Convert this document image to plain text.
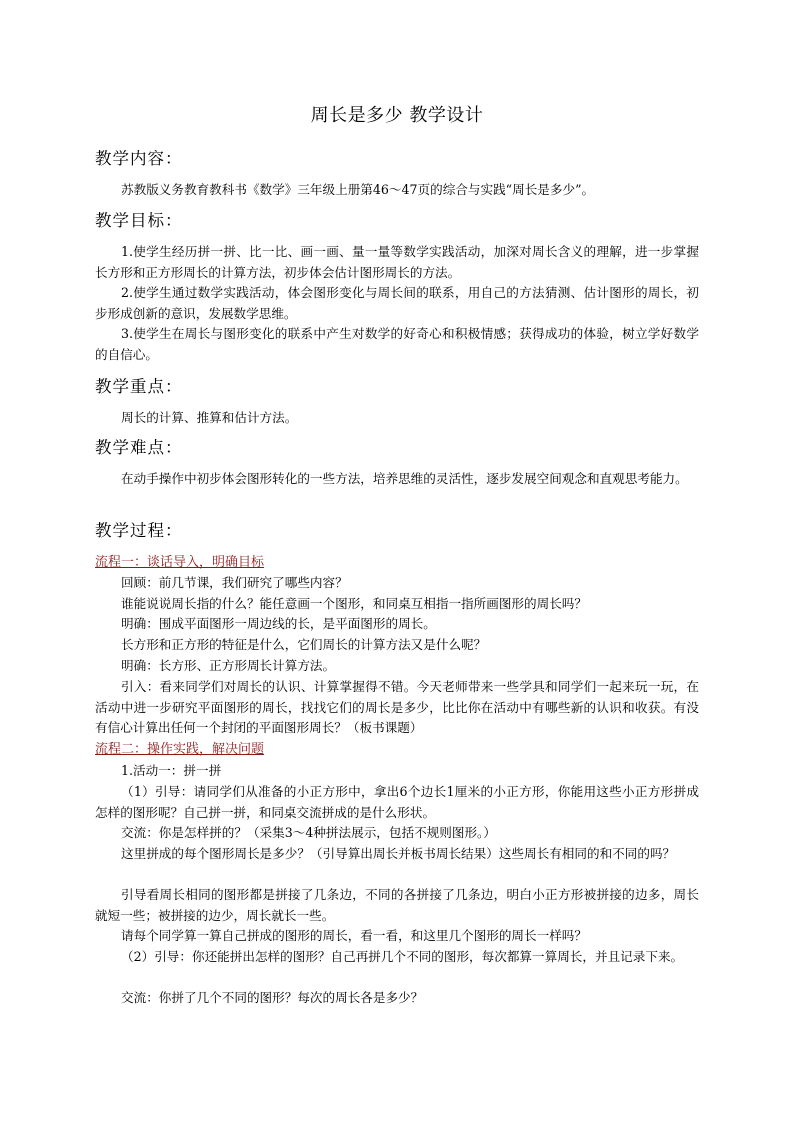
周长是多少 教学设计
教学内容：
苏教版义务教育教科书《数学》三年级上册第46～47页的综合与实践“周长是多少”。
教学目标：
1.使学生经历拼一拼、比一比、画一画、量一量等数学实践活动，加深对周长含义的理解，进一步掌握长方形和正方形周长的计算方法，初步体会估计图形周长的方法。
2.使学生通过数学实践活动，体会图形变化与周长间的联系，用自己的方法猜测、估计图形的周长，初步形成创新的意识，发展数学思维。
3.使学生在周长与图形变化的联系中产生对数学的好奇心和积极情感；获得成功的体验，树立学好数学的自信心。
教学重点：
周长的计算、推算和估计方法。
教学难点：
在动手操作中初步体会图形转化的一些方法，培养思维的灵活性，逐步发展空间观念和直观思考能力。
教学过程：
流程一：谈话导入，明确目标
回顾：前几节课，我们研究了哪些内容？
谁能说说周长指的什么？能任意画一个图形，和同桌互相指一指所画图形的周长吗？
明确：围成平面图形一周边线的长，是平面图形的周长。
长方形和正方形的特征是什么，它们周长的计算方法又是什么呢？
明确：长方形、正方形周长计算方法。
引入：看来同学们对周长的认识、计算掌握得不错。今天老师带来一些学具和同学们一起来玩一玩，在活动中进一步研究平面图形的周长，找找它们的周长是多少，比比你在活动中有哪些新的认识和收获。有没有信心计算出任何一个封闭的平面图形周长？（板书课题）
流程二：操作实践，解决问题
1.活动一：拼一拼
（1）引导：请同学们从准备的小正方形中，拿出6个边长1厘米的小正方形，你能用这些小正方形拼成怎样的图形呢？自己拼一拼，和同桌交流拼成的是什么形状。
交流：你是怎样拼的？（采集3～4种拼法展示，包括不规则图形。）
这里拼成的每个图形周长是多少？（引导算出周长并板书周长结果）这些周长有相同的和不同的吗？
引导看周长相同的图形都是拼接了几条边，不同的各拼接了几条边，明白小正方形被拼接的边多，周长就短一些；被拼接的边少，周长就长一些。
请每个同学算一算自己拼成的图形的周长，看一看，和这里几个图形的周长一样吗？
（2）引导：你还能拼出怎样的图形？自己再拼几个不同的图形，每次都算一算周长，并且记录下来。
交流：你拼了几个不同的图形？每次的周长各是多少？
